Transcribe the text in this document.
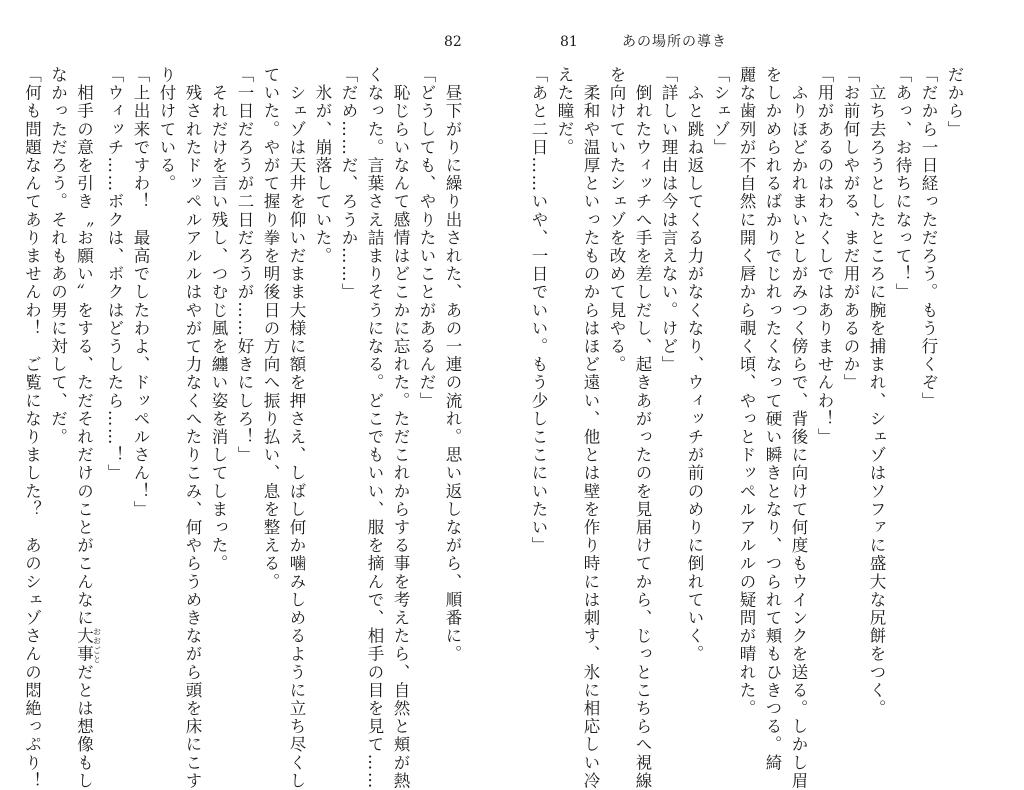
81	あの場所の導き
だから」
「だから一日経っただろう。もう行くぞ」
「あっ、お待ちになって！」
　立ち去ろうとしたところに腕を捕まれ、シェゾはソファに盛大な尻餅をつく。
「お前何しやがる、まだ用があるのか」
「用があるのはわたくしではありませんわ！」
　ふりほどかれまいとしがみつく傍らで、背後に向けて何度もウインクを送る。しかし眉
をしかめられるばかりでじれったくなって硬い瞬きとなり、つられて頬もひきつる。綺
麗な歯列が不自然に開く唇から覗く頃、やっとドッペルアルルの疑問が晴れた。
「シェゾ」
　ふと跳ね返してくる力がなくなり、ウィッチが前のめりに倒れていく。
「詳しい理由は今は言えない。けど」
　倒れたウィッチへ手を差しだし、起きあがったのを見届けてから、じっとこちらへ視線
を向けていたシェゾを改めて見やる。
　柔和や温厚といったものからはほど遠い、他とは壁を作り時には刺す、氷に相応しい冷
えた瞳だ。
「あと二日……いや、一日でいい。もう少しここにいたい」
82
　昼下がりに繰り出された、あの一連の流れ。思い返しながら、順番に。
「どうしても、やりたいことがあるんだ」
　恥じらいなんて感情はどこかに忘れた。ただこれからする事を考えたら、自然と頬が熱
くなった。言葉さえ詰まりそうになる。どこでもいい、服を摘んで、相手の目を見て……
「だめ……だ、ろうか……」
　氷が、崩落していた。
　シェゾは天井を仰いだまま大様に額を押さえ、しばし何か噛みしめるように立ち尽くし
ていた。やがて握り拳を明後日の方向へ振り払い、息を整える。
「一日だろうが二日だろうが……好きにしろ！」
　それだけを言い残し、つむじ風を纏い姿を消してしまった。
　残されたドッペルアルルはやがて力なくへたりこみ、何やらうめきながら頭を床にこす
り付けている。
「上出来ですわ！　最高でしたわよ、ドッペルさん！」
「ウィッチ……ボクは、ボクはどうしたら……！」
　相手の意を引き〝お願い〟をする、ただそれだけのことがこんなに大事 おおごとだとは想像もし
なかっただろう。それもあの男に対して、だ。
「何も問題なんてありませんわ！　ご覧になりました？　あのシェゾさんの悶絶っぷり！
